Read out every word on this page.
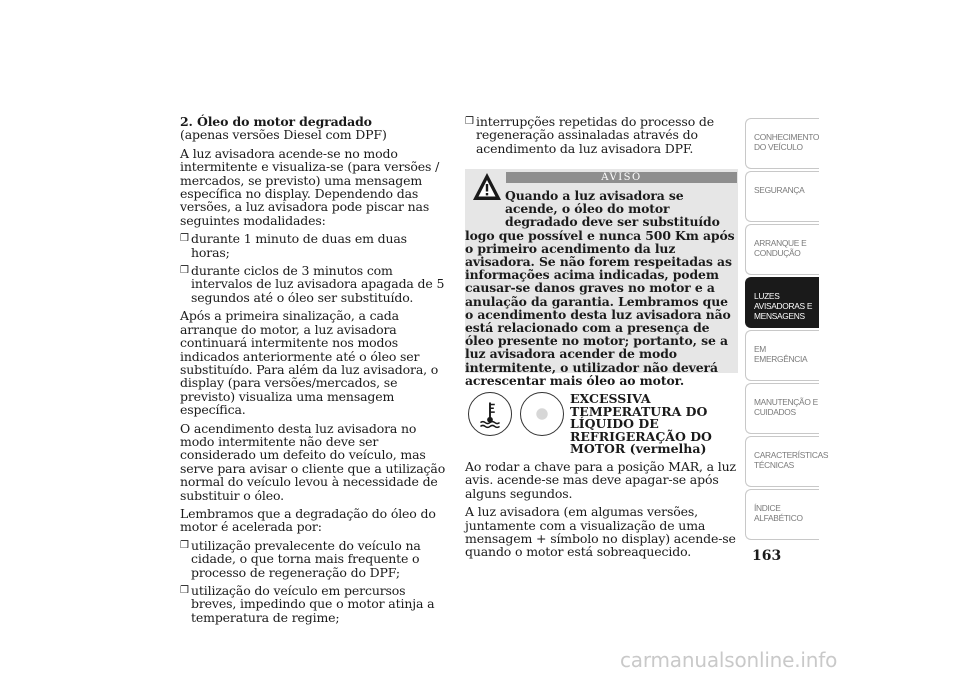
2. Óleo do motor degradado

(apenas versões Diesel com DPF)

A luz avisadora acende-se no modo intermitente e visualiza-se (para versões / mercados, se previsto) uma mensagem específica no display. Dependendo das versões, a luz avisadora pode piscar nas seguintes modalidades:

❒ durante 1 minuto de duas em duas horas;
❒ durante ciclos de 3 minutos com intervalos de luz avisadora apagada de 5 segundos até o óleo ser substituído.

Após a primeira sinalização, a cada arranque do motor, a luz avisadora continuará intermitente nos modos indicados anteriormente até o óleo ser substituído. Para além da luz avisadora, o display (para versões/mercados, se previsto) visualiza uma mensagem específica.

O acendimento desta luz avisadora no modo intermitente não deve ser considerado um defeito do veículo, mas serve para avisar o cliente que a utilização normal do veículo levou à necessidade de substituir o óleo.

Lembramos que a degradação do óleo do motor é acelerada por:

❒ utilização prevalecente do veículo na cidade, o que torna mais frequente o processo de regeneração do DPF;
❒ utilização do veículo em percursos breves, impedindo que o motor atinja a temperatura de regime;
❒ interrupções repetidas do processo de regeneração assinaladas através do acendimento da luz avisadora DPF.
AVISO
Quando a luz avisadora se acende, o óleo do motor degradado deve ser substituído logo que possível e nunca 500 Km após o primeiro acendimento da luz avisadora. Se não forem respeitadas as informações acima indicadas, podem causar-se danos graves no motor e a anulação da garantia. Lembramos que o acendimento desta luz avisadora não está relacionado com a presença de óleo presente no motor; portanto, se a luz avisadora acender de modo intermitente, o utilizador não deverá acrescentar mais óleo ao motor.
EXCESSIVA TEMPERATURA DO LÍQUIDO DE REFRIGERAÇÃO DO MOTOR (vermelha)

Ao rodar a chave para a posição MAR, a luz avis. acende-se mas deve apagar-se após alguns segundos.

A luz avisadora (em algumas versões, juntamente com a visualização de uma mensagem + símbolo no display) acende-se quando o motor está sobreaquecido.

CONHECIMENTO DO VEÍCULO
SEGURANÇA
ARRANQUE E CONDUÇÃO
LUZES AVISADORAS E MENSAGENS
EM EMERGÊNCIA
MANUTENÇÃO E CUIDADOS
CARACTERÍSTICAS TÉCNICAS
ÍNDICE ALFABÉTICO
163
carmanualsonline.info
